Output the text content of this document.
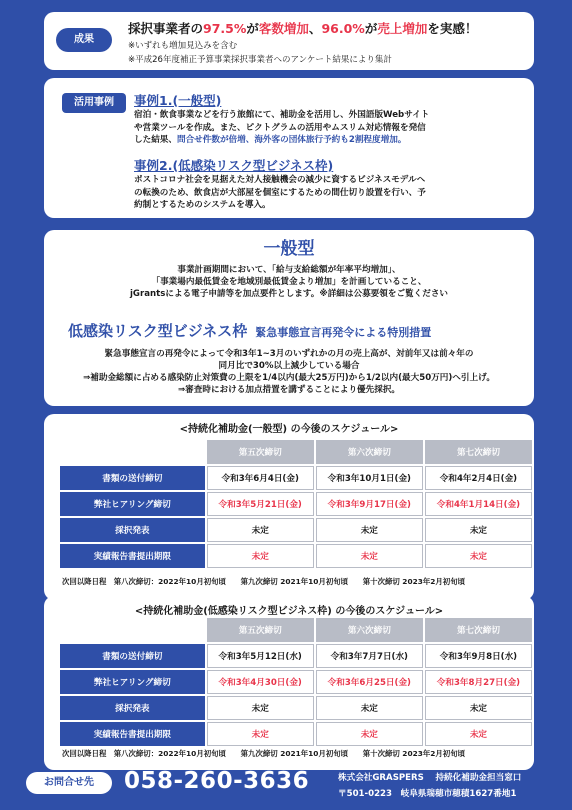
成果
採択事業者の97.5%が客数増加、96.0%が売上増加を実感！
※いずれも増加見込みを含む
※平成26年度補正予算事業採択事業者へのアンケート結果により集計
活用事例	事例1.(一般型)
宿泊・飲食事業などを行う旅館にて、補助金を活用し、外国語版Webサイト
や営業ツールを作成。また、ピクトグラムの活用やムスリム対応情報を発信
した結果、問合せ件数が倍増、海外客の団体旅行予約も2割程度増加。
事例2.(低感染リスク型ビジネス枠)
ポストコロナ社会を見据えた対人接触機会の減少に資するビジネスモデルへ
の転換のため、飲食店が大部屋を個室にするための間仕切り設置を行い、予
約制とするためのシステムを導入。
一般型
事業計画期間において、「給与支給総額が年率平均増加」、
「事業場内最低賃金を地域別最低賃金より増加」を計画していること、
jGrantsによる電子申請等を加点要件とします。※詳細は公募要領をご覧ください
低感染リスク型ビジネス枠 緊急事態宣言再発令による特別措置
緊急事態宣言の再発令によって令和3年1~3月のいずれかの月の売上高が、対前年又は前々年の
同月比で30%以上減少している場合
⇒補助金総額に占める感染防止対策費の上限を1/4以内(最大25万円)から1/2以内(最大50万円)へ引上げ。
⇒審査時における加点措置を講ずることにより優先採択。
<持続化補助金(一般型) の今後のスケジュール>
	第五次締切	第六次締切	第七次締切
書類の送付締切	令和3年6月4日(金)	令和3年10月1日(金)	令和4年2月4日(金)
弊社ヒアリング締切	令和3年5月21日(金)	令和3年9月17日(金)	令和4年1月14日(金)
採択発表	未定	未定	未定
実績報告書提出期限	未定	未定	未定
次回以降日程　第八次締切：2022年10月初旬頃　　第九次締切 2021年10月初旬頃　　第十次締切 2023年2月初旬頃
<持続化補助金(低感染リスク型ビジネス枠) の今後のスケジュール>
	第五次締切	第六次締切	第七次締切
書類の送付締切	令和3年5月12日(水)	令和3年7月7日(水)	令和3年9月8日(水)
弊社ヒアリング締切	令和3年4月30日(金)	令和3年6月25日(金)	令和3年8月27日(金)
採択発表	未定	未定	未定
実績報告書提出期限	未定	未定	未定
次回以降日程　第八次締切：2022年10月初旬頃　　第九次締切 2021年10月初旬頃　　第十次締切 2023年2月初旬頃
お問合せ先	058-260-3636	株式会社GRASPERS　 持続化補助金担当窓口
〒501-0223　岐阜県瑞穂市穂積1627番地1
